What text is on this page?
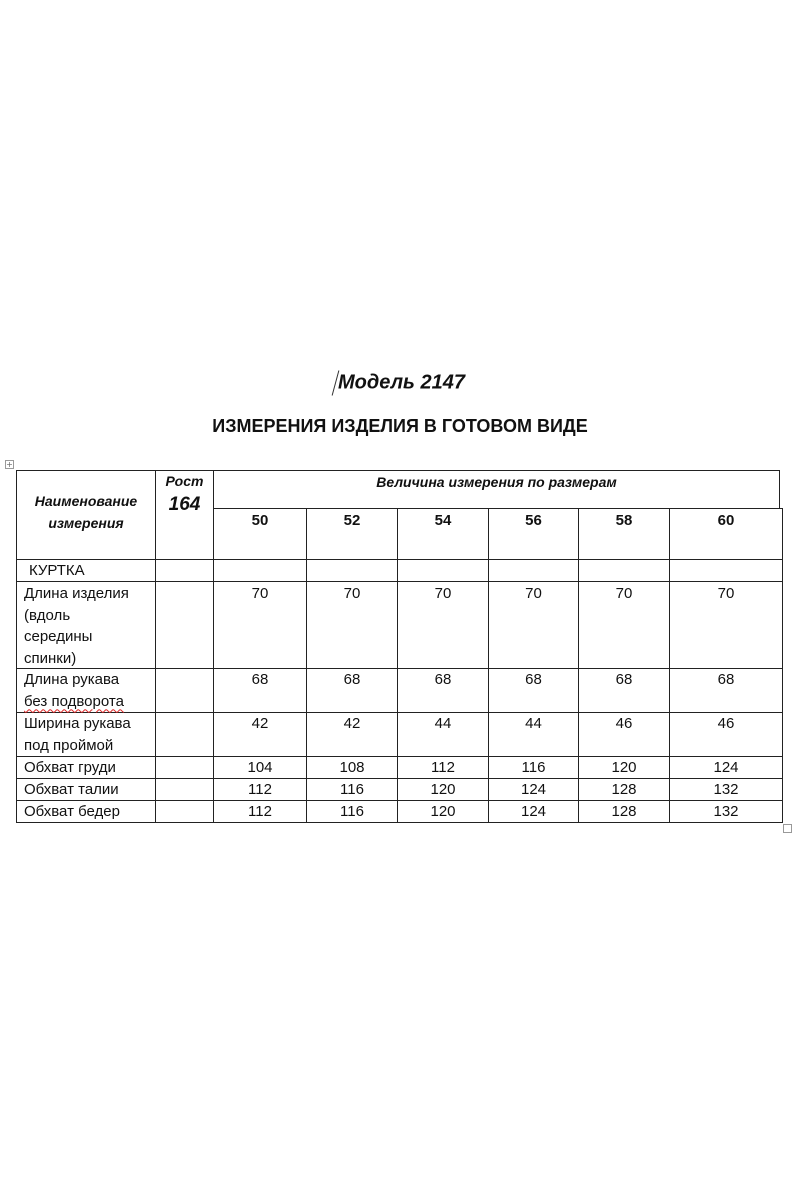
Модель 2147
ИЗМЕРЕНИЯ ИЗДЕЛИЯ В ГОТОВОМ ВИДЕ
+
Наименование
измерения
Рост
164
Величина измерения по размерам
50	52	54	56	58	60
КУРТКА
Длина изделия
(вдоль
середины
спинки)
70	70	70	70	70	70
Длина рукава
без подворота
68	68	68	68	68	68
Ширина рукава
под проймой
42	42	44	44	46	46
Обхват груди	104	108	112	116	120	124
Обхват талии	112	116	120	124	128	132
Обхват бедер	112	116	120	124	128	132
